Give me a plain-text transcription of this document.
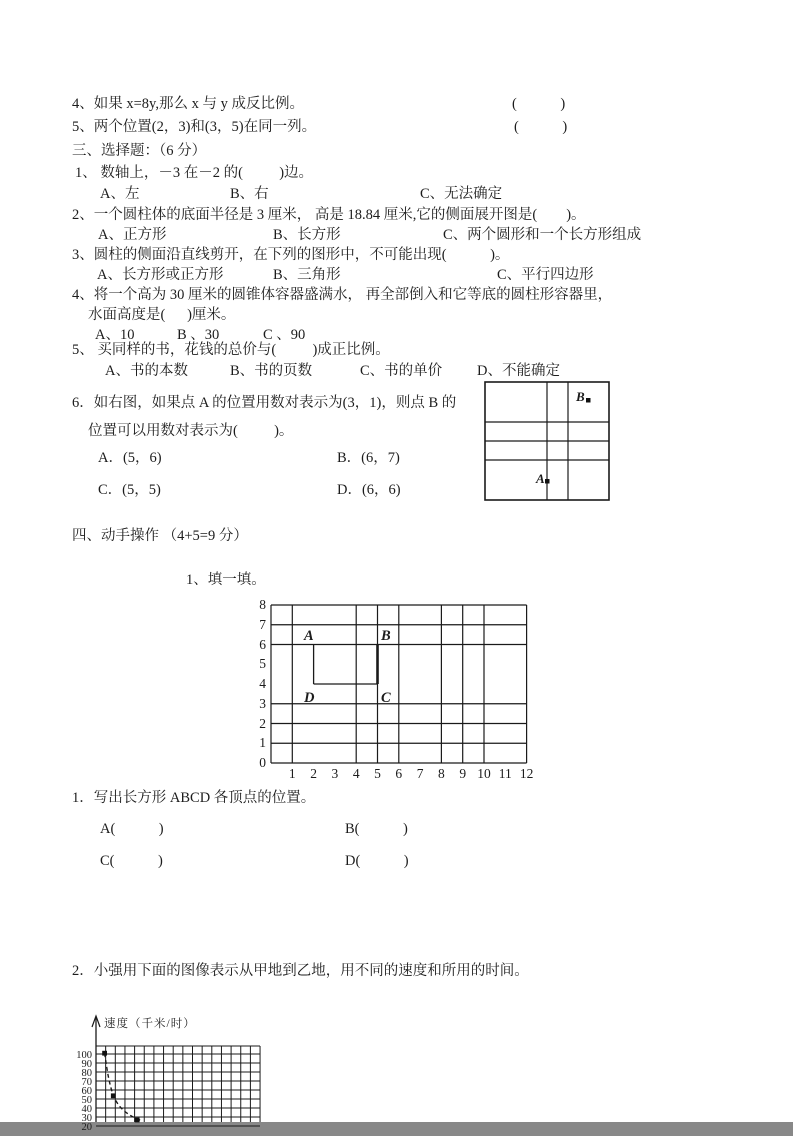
4、如果 x=8y,那么 x 与 y 成反比例。	(            )
5、两个位置(2，3)和(3，5)在同一列。	(            )
三、选择题：（6 分）
1、 数轴上，－3 在－2 的(          )边。
A、左	B、右	C、无法确定
2、一个圆柱体的底面半径是 3 厘米， 高是 18.84 厘米,它的侧面展开图是(        )。
A、正方形	B、长方形	C、两个圆形和一个长方形组成
3、圆柱的侧面沿直线剪开，在下列的图形中，不可能出现(            )。
A、长方形或正方形	B、三角形	C、平行四边形
4、将一个高为 30 厘米的圆锥体容器盛满水， 再全部倒入和它等底的圆柱形容器里，
水面高度是(      )厘米。
A、10	B 、30	C 、90
5、 买同样的书，花钱的总价与(          )成正比例。
A、书的本数	B、书的页数	C、书的单价 D、不能确定
6．如右图，如果点 A 的位置用数对表示为(3，1)，则点 B 的
位置可以用数对表示为(          )。
A．(5，6)	B．(6，7)
C．(5，5)	D．(6，6)
B
A
四、动手操作 （4+5=9 分）
1、填一填。
A	B
C
D
1．写出长方形 ABCD 各顶点的位置。
A(            )	B(            )
C(            )	D(            )
2．小强用下面的图像表示从甲地到乙地，用不同的速度和所用的时间。
速度（千米/时）
1	2	3	4	5	6	7	8	9 10 11 12
8
7
6
5
4
3
2
1
0
100
90
80
70
60
50
40
30
20
